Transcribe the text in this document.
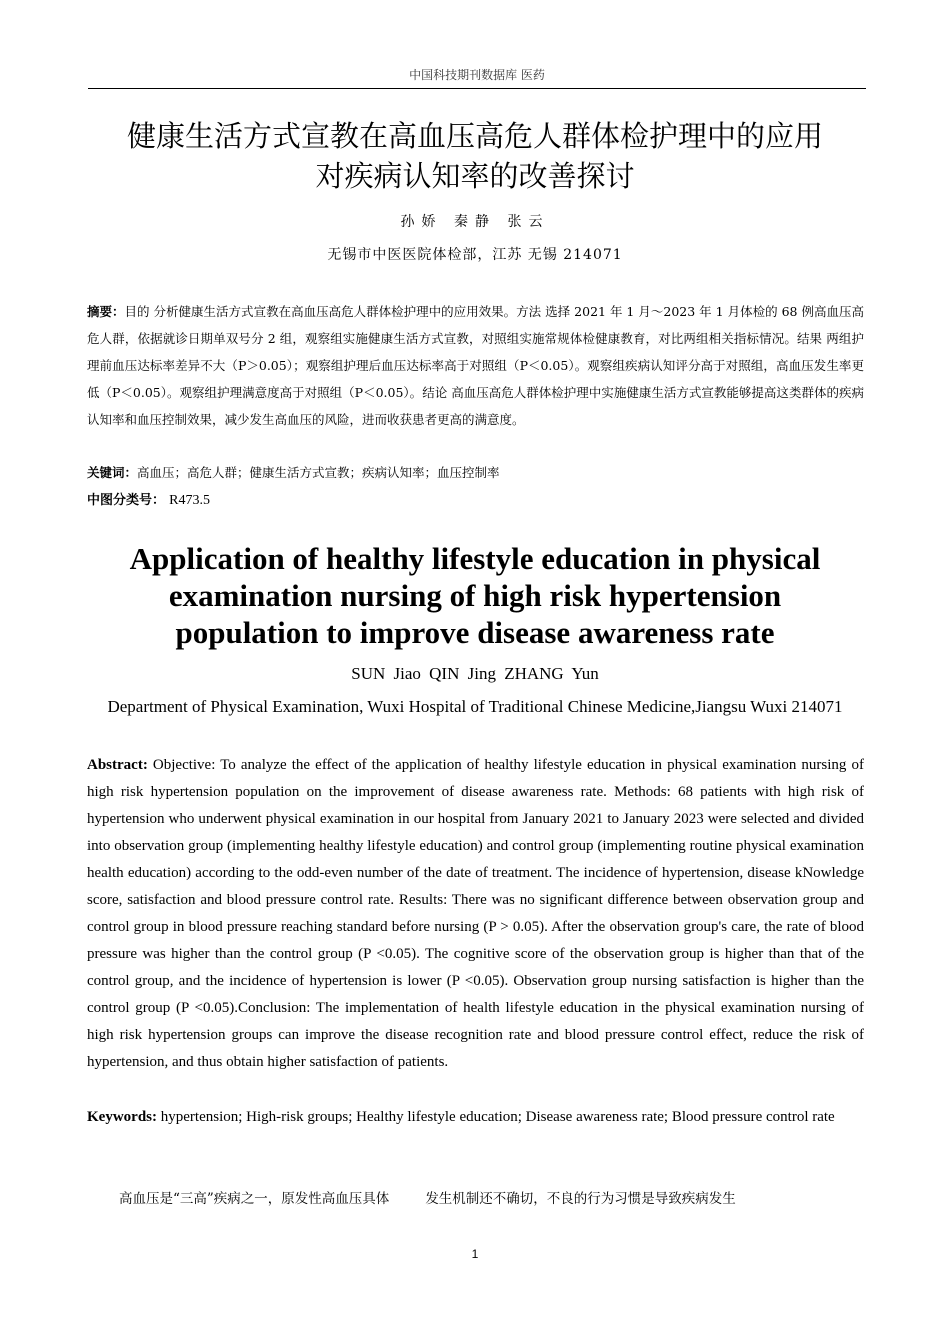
中国科技期刊数据库 医药
健康生活方式宣教在高血压高危人群体检护理中的应用
对疾病认知率的改善探讨
孙娇 秦静 张云
无锡市中医医院体检部，江苏 无锡 214071
摘要：目的 分析健康生活方式宣教在高血压高危人群体检护理中的应用效果。方法 选择 2021 年 1 月～2023 年 1 月体检的 68 例高血压高危人群，依据就诊日期单双号分 2 组，观察组实施健康生活方式宣教，对照组实施常规体检健康教育，对比两组相关指标情况。结果 两组护理前血压达标率差异不大（P＞0.05）；观察组护理后血压达标率高于对照组（P＜0.05）。观察组疾病认知评分高于对照组，高血压发生率更低（P＜0.05）。观察组护理满意度高于对照组（P＜0.05）。结论 高血压高危人群体检护理中实施健康生活方式宣教能够提高这类群体的疾病认知率和血压控制效果，减少发生高血压的风险，进而收获患者更高的满意度。
关键词：高血压；高危人群；健康生活方式宣教；疾病认知率；血压控制率
中图分类号： R473.5
Application of healthy lifestyle education in physical
examination nursing of high risk hypertension
population to improve disease awareness rate
SUN Jiao QIN Jing ZHANG Yun
Department of Physical Examination, Wuxi Hospital of Traditional Chinese Medicine,Jiangsu Wuxi 214071
Abstract: Objective: To analyze the effect of the application of healthy lifestyle education in physical examination nursing of high risk hypertension population on the improvement of disease awareness rate. Methods: 68 patients with high risk of hypertension who underwent physical examination in our hospital from January 2021 to January 2023 were selected and divided into observation group (implementing healthy lifestyle education) and control group (implementing routine physical examination health education) according to the odd-even number of the date of treatment. The incidence of hypertension, disease kNowledge score, satisfaction and blood pressure control rate. Results: There was no significant difference between observation group and control group in blood pressure reaching standard before nursing (P > 0.05). After the observation group's care, the rate of blood pressure was higher than the control group (P <0.05). The cognitive score of the observation group is higher than that of the control group, and the incidence of hypertension is lower (P <0.05). Observation group nursing satisfaction is higher than the control group (P <0.05).Conclusion: The implementation of health lifestyle education in the physical examination nursing of high risk hypertension groups can improve the disease recognition rate and blood pressure control effect, reduce the risk of hypertension, and thus obtain higher satisfaction of patients.
Keywords: hypertension; High-risk groups; Healthy lifestyle education; Disease awareness rate; Blood pressure control rate
高血压是“三高”疾病之一，原发性高血压具体	发生机制还不确切，不良的行为习惯是导致疾病发生
1
